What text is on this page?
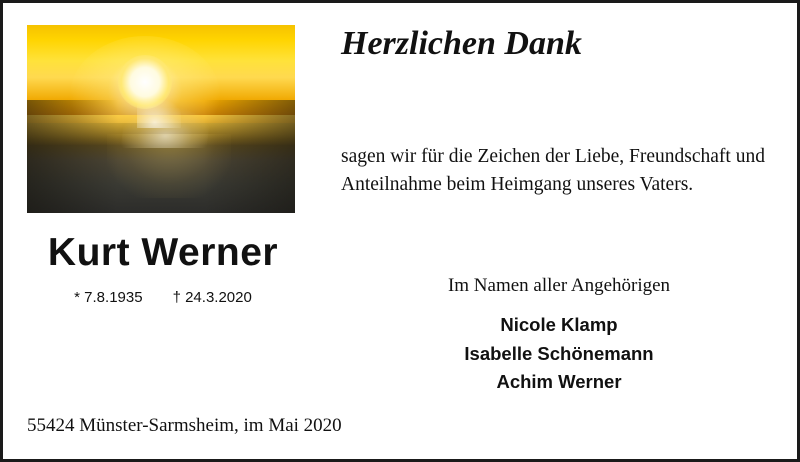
Kurt Werner
* 7.8.1935 † 24.3.2020
Herzlichen Dank
sagen wir für die Zeichen der Liebe, Freundschaft und Anteilnahme beim Heimgang unseres Vaters.
Im Namen aller Angehörigen
Nicole Klamp
Isabelle Schönemann
Achim Werner
55424 Münster-Sarmsheim, im Mai 2020
